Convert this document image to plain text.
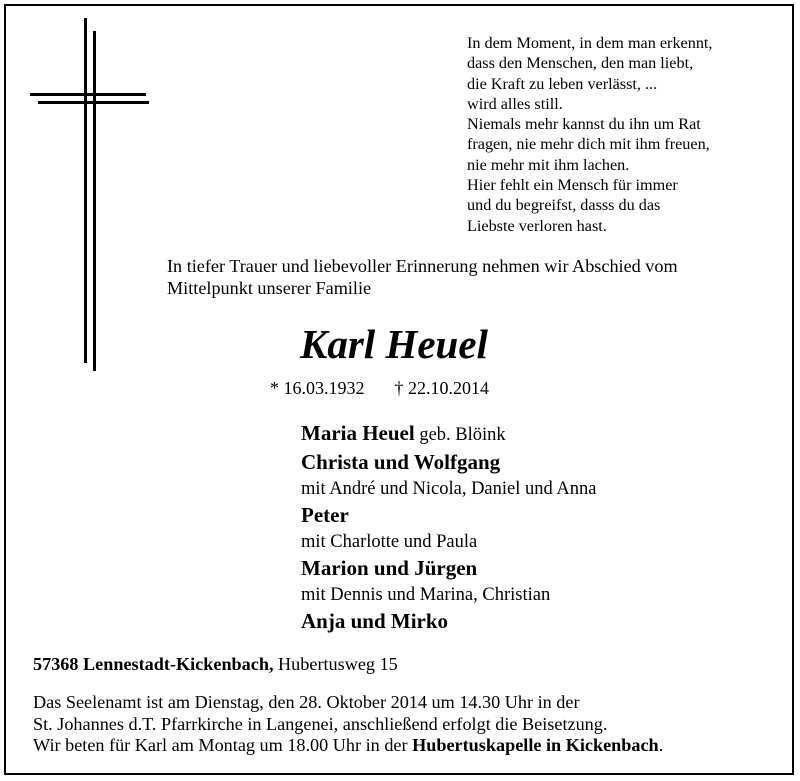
In dem Moment, in dem man erkennt,
dass den Menschen, den man liebt,
die Kraft zu leben verlässt, ...
wird alles still.
Niemals mehr kannst du ihn um Rat
fragen, nie mehr dich mit ihm freuen,
nie mehr mit ihm lachen.
Hier fehlt ein Mensch für immer
und du begreifst, dasss du das
Liebste verloren hast.
In tiefer Trauer und liebevoller Erinnerung nehmen wir Abschied vom
Mittelpunkt unserer Familie
Karl Heuel
* 16.03.1932 † 22.10.2014
Maria Heuel geb. Blöink
Christa und Wolfgang
mit André und Nicola, Daniel und Anna
Peter
mit Charlotte und Paula
Marion und Jürgen
mit Dennis und Marina, Christian
Anja und Mirko
57368 Lennestadt-Kickenbach, Hubertusweg 15
Das Seelenamt ist am Dienstag, den 28. Oktober 2014 um 14.30 Uhr in der
St. Johannes d.T. Pfarrkirche in Langenei, anschließend erfolgt die Beisetzung.
Wir beten für Karl am Montag um 18.00 Uhr in der Hubertuskapelle in Kickenbach.
